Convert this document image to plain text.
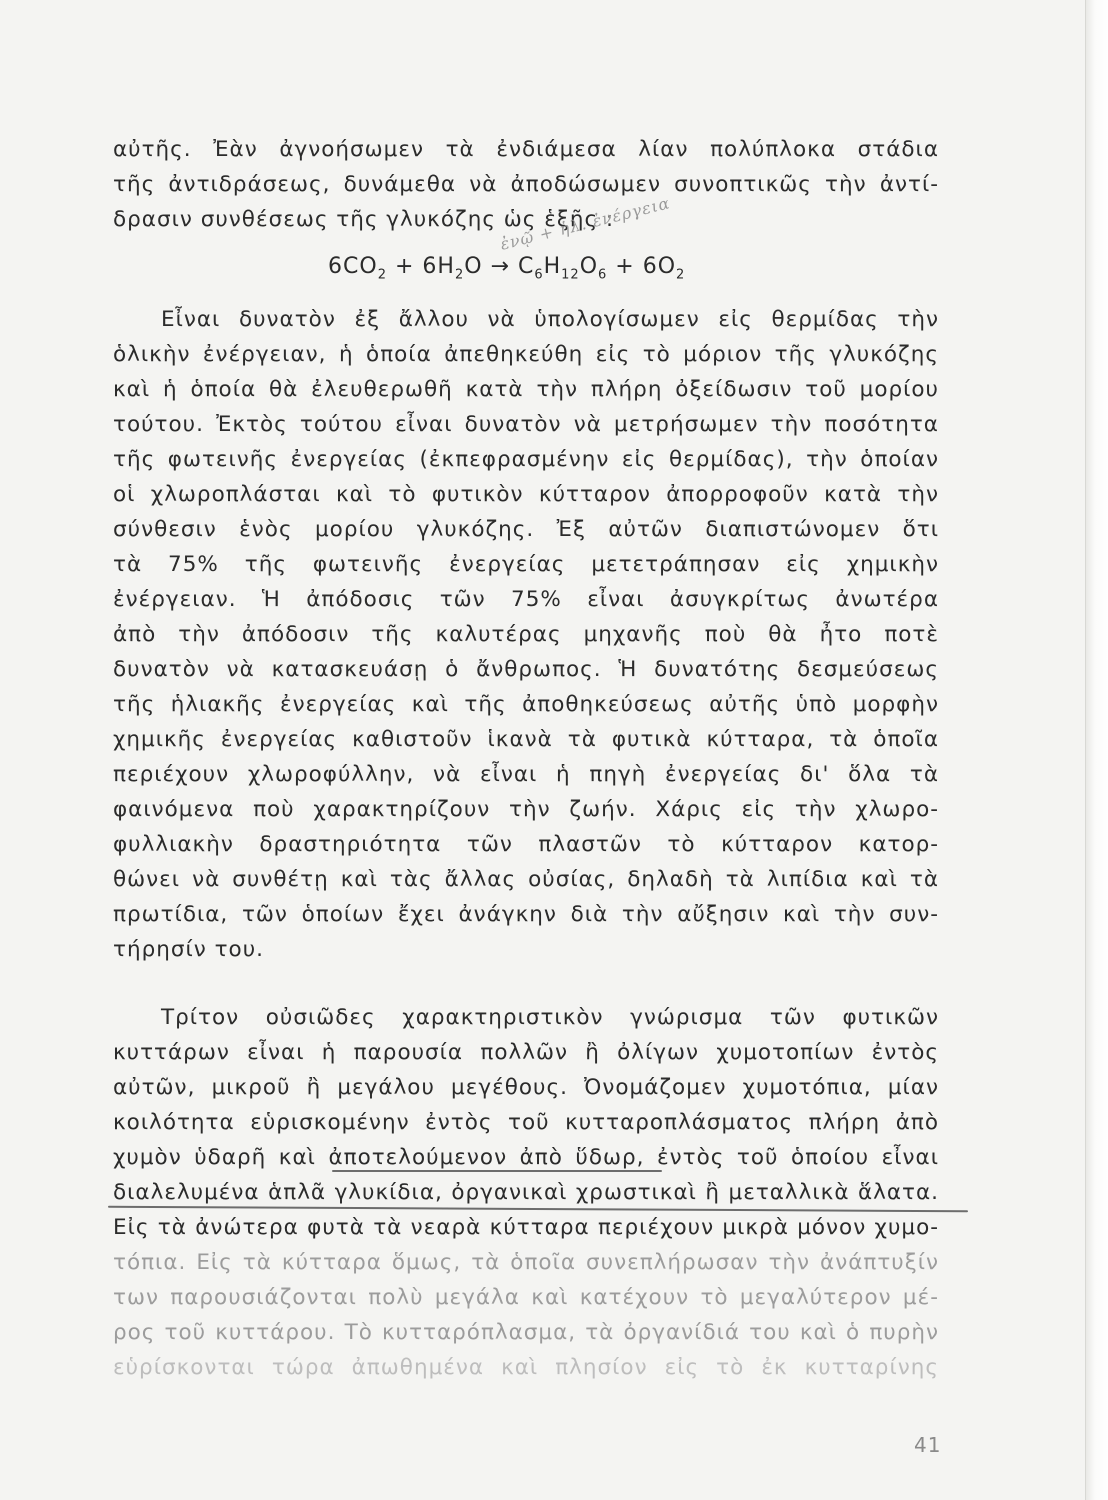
αὐτῆς. Ἐὰν ἀγνοήσωμεν τὰ ἐνδιάμεσα λίαν πολύπλοκα στάδια
τῆς ἀντιδράσεως, δυνάμεθα νὰ ἀποδώσωμεν συνοπτικῶς τὴν ἀντί-
δρασιν συνθέσεως τῆς γλυκόζης ὡς ἑξῆς :
ἐνῷ + ἡλ. ἐνέργεια
$6CO_2 + 6H_2O \to C_6H_{12}O_6 + 6O_2$
Εἶναι δυνατὸν ἐξ ἄλλου νὰ ὑπολογίσωμεν εἰς θερμίδας τὴν
ὁλικὴν ἐνέργειαν, ἡ ὁποία ἀπεθηκεύθη εἰς τὸ μόριον τῆς γλυκόζης
καὶ ἡ ὁποία θὰ ἐλευθερωθῆ κατὰ τὴν πλήρη ὀξείδωσιν τοῦ μορίου
τούτου. Ἐκτὸς τούτου εἶναι δυνατὸν νὰ μετρήσωμεν τὴν ποσότητα
τῆς φωτεινῆς ἐνεργείας (ἐκπεφρασμένην εἰς θερμίδας), τὴν ὁποίαν
οἱ χλωροπλάσται καὶ τὸ φυτικὸν κύτταρον ἀπορροφοῦν κατὰ τὴν
σύνθεσιν ἑνὸς μορίου γλυκόζης. Ἐξ αὐτῶν διαπιστώνομεν ὅτι
τὰ 75% τῆς φωτεινῆς ἐνεργείας μετετράπησαν εἰς χημικὴν
ἐνέργειαν. Ἡ ἀπόδοσις τῶν 75% εἶναι ἀσυγκρίτως ἀνωτέρα
ἀπὸ τὴν ἀπόδοσιν τῆς καλυτέρας μηχανῆς ποὺ θὰ ἦτο ποτὲ
δυνατὸν νὰ κατασκευάσῃ ὁ ἄνθρωπος. Ἡ δυνατότης δεσμεύσεως
τῆς ἡλιακῆς ἐνεργείας καὶ τῆς ἀποθηκεύσεως αὐτῆς ὑπὸ μορφὴν
χημικῆς ἐνεργείας καθιστοῦν ἱκανὰ τὰ φυτικὰ κύτταρα, τὰ ὁποῖα
περιέχουν χλωροφύλλην, νὰ εἶναι ἡ πηγὴ ἐνεργείας δι' ὅλα τὰ
φαινόμενα ποὺ χαρακτηρίζουν τὴν ζωήν. Χάρις εἰς τὴν χλωρο-
φυλλιακὴν δραστηριότητα τῶν πλαστῶν τὸ κύτταρον κατορ-
θώνει νὰ συνθέτῃ καὶ τὰς ἄλλας οὐσίας, δηλαδὴ τὰ λιπίδια καὶ τὰ
πρωτίδια, τῶν ὁποίων ἔχει ἀνάγκην διὰ τὴν αὔξησιν καὶ τὴν συν-
τήρησίν του.
Τρίτον οὐσιῶδες χαρακτηριστικὸν γνώρισμα τῶν φυτικῶν
κυττάρων εἶναι ἡ παρουσία πολλῶν ἢ ὀλίγων χυμοτοπίων ἐντὸς
αὐτῶν, μικροῦ ἢ μεγάλου μεγέθους. Ὀνομάζομεν χυμοτόπια, μίαν
κοιλότητα εὑρισκομένην ἐντὸς τοῦ κυτταροπλάσματος πλήρη ἀπὸ
χυμὸν ὑδαρῆ καὶ ἀποτελούμενον ἀπὸ ὕδωρ, ἐντὸς τοῦ ὁποίου εἶναι
διαλελυμένα ἁπλᾶ γλυκίδια, ὀργανικαὶ χρωστικαὶ ἢ μεταλλικὰ ἅλατα.
Εἰς τὰ ἀνώτερα φυτὰ τὰ νεαρὰ κύτταρα περιέχουν μικρὰ μόνον χυμο-
τόπια. Εἰς τὰ κύτταρα ὅμως, τὰ ὁποῖα συνεπλήρωσαν τὴν ἀνάπτυξίν
των παρουσιάζονται πολὺ μεγάλα καὶ κατέχουν τὸ μεγαλύτερον μέ-
ρος τοῦ κυττάρου. Τὸ κυτταρόπλασμα, τὰ ὀργανίδιά του καὶ ὁ πυρὴν
εὑρίσκονται τώρα ἀπωθημένα καὶ πλησίον εἰς τὸ ἐκ κυτταρίνης
41
